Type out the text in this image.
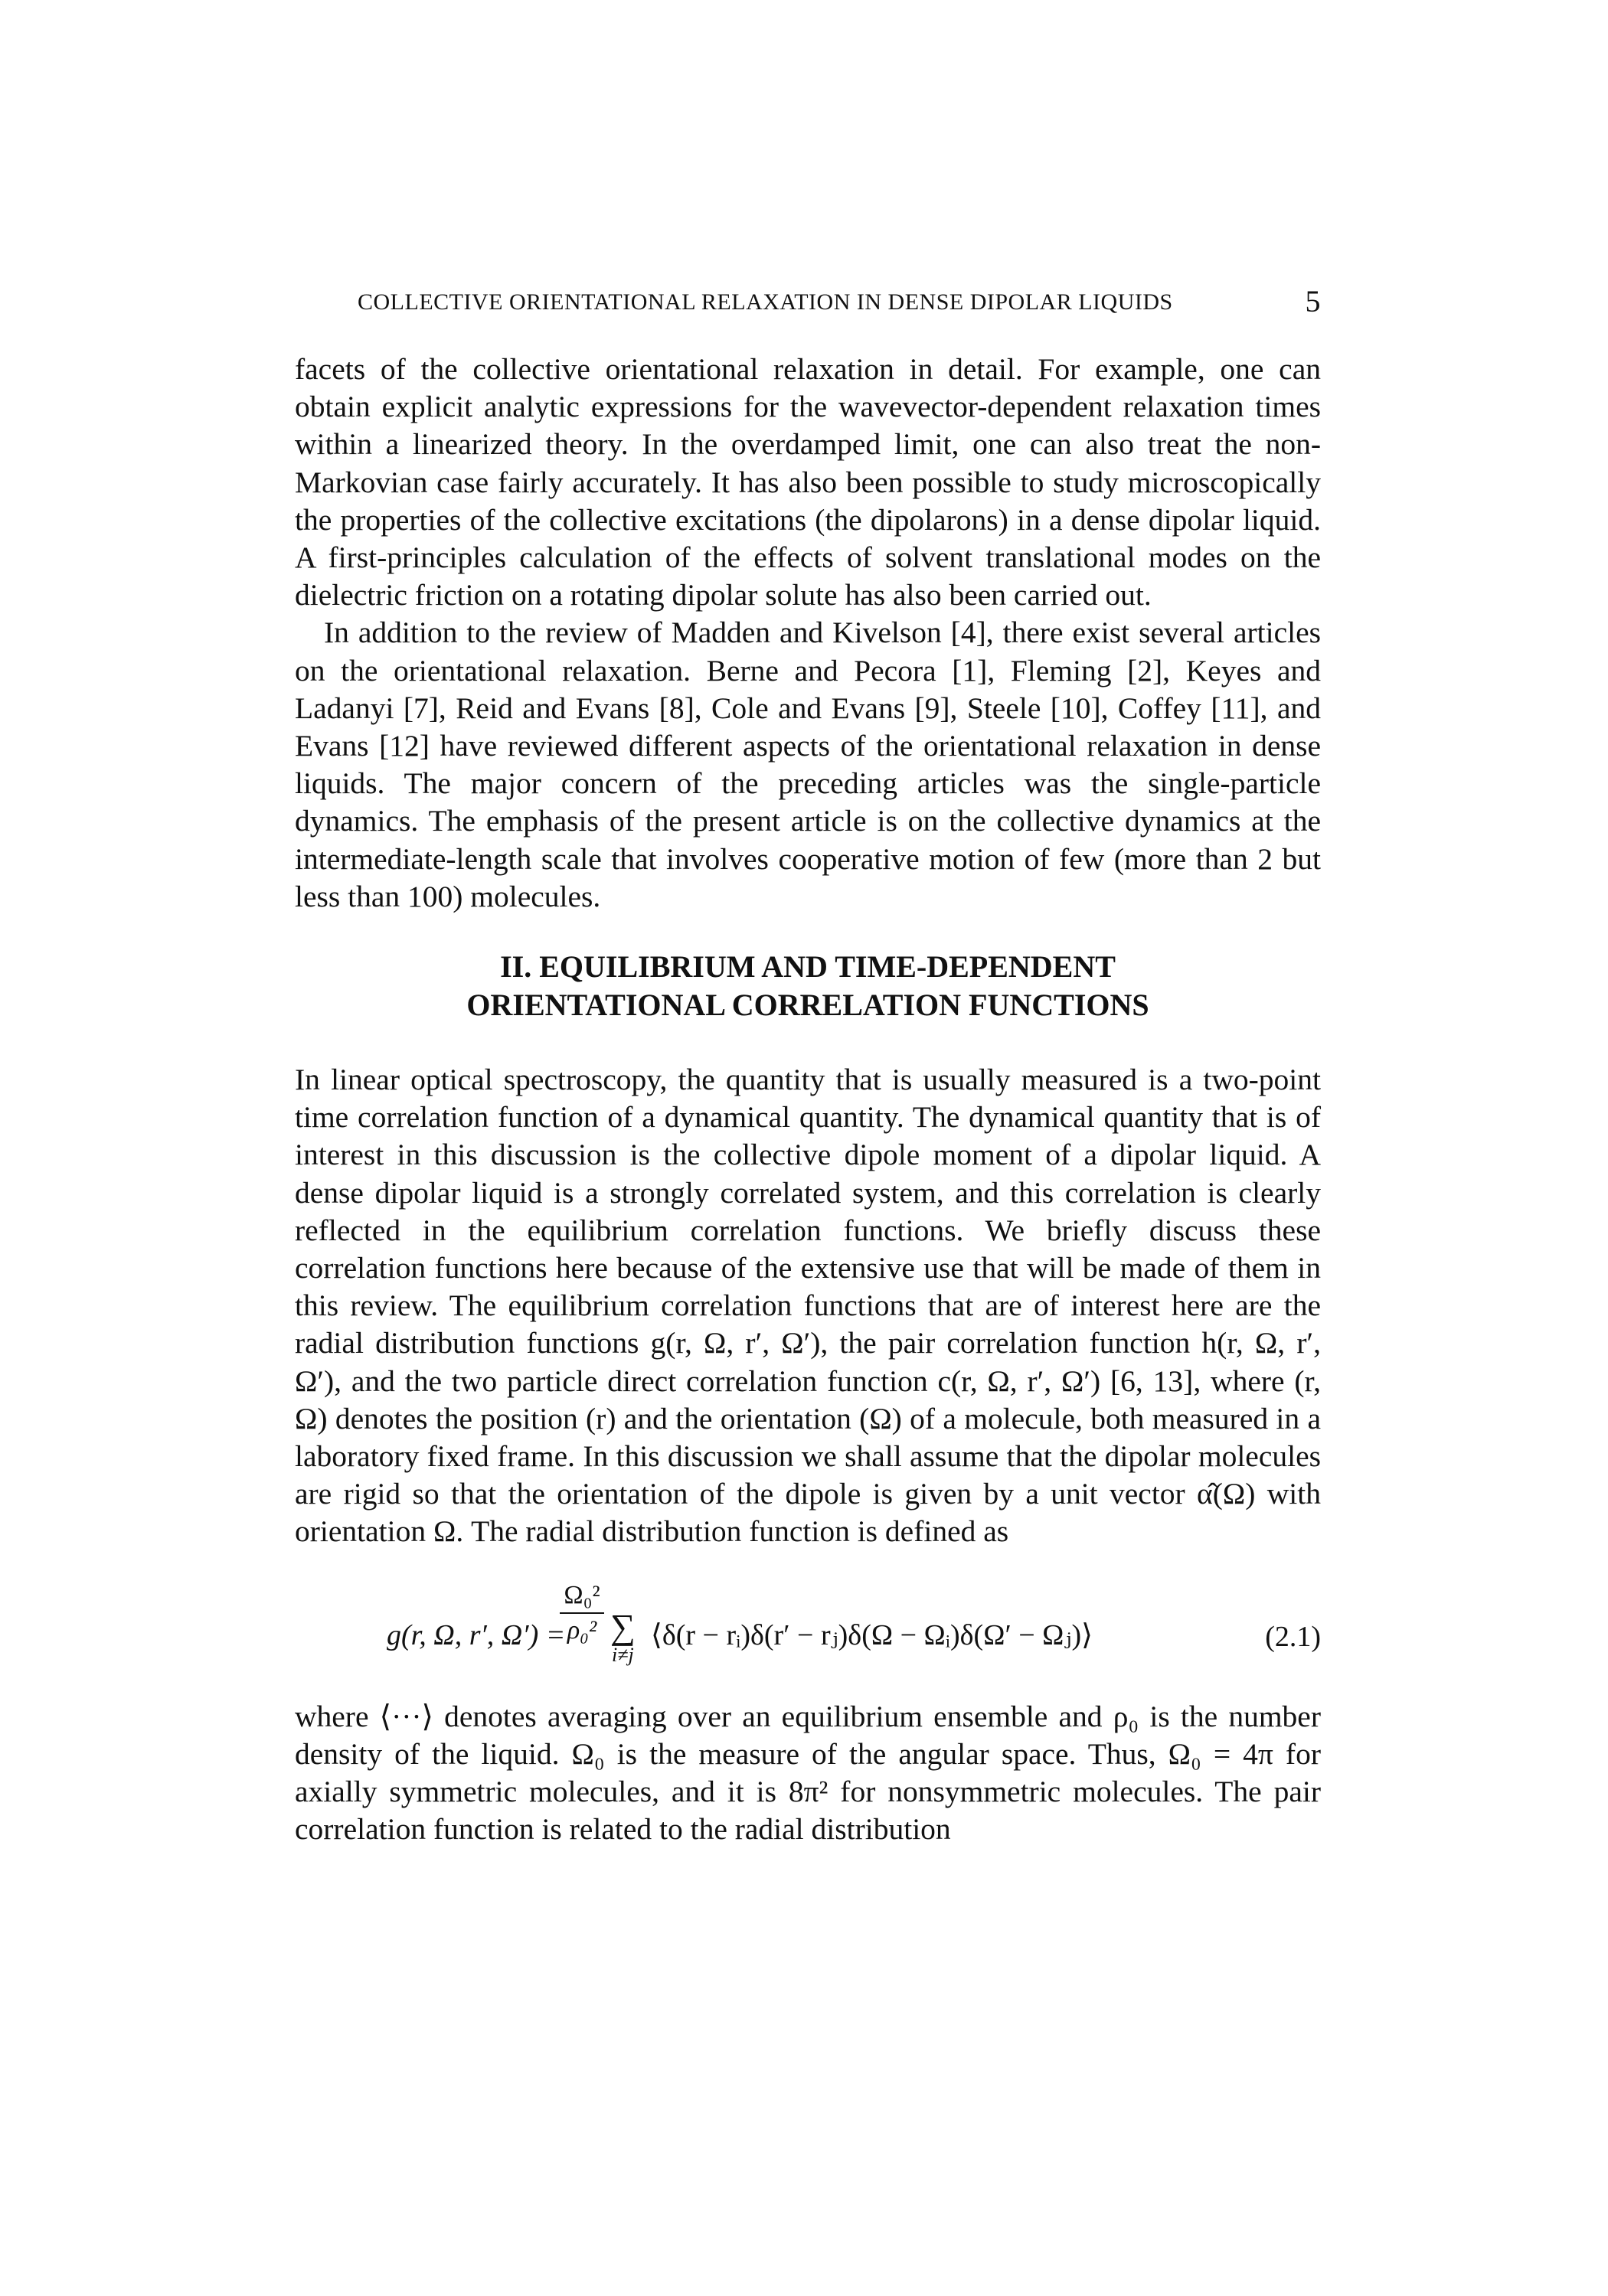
COLLECTIVE ORIENTATIONAL RELAXATION IN DENSE DIPOLAR LIQUIDS	5

facets of the collective orientational relaxation in detail. For example, one can obtain explicit analytic expressions for the wavevector-dependent relaxation times within a linearized theory. In the overdamped limit, one can also treat the non-Markovian case fairly accurately. It has also been possible to study microscopically the properties of the collective excitations (the dipolarons) in a dense dipolar liquid. A first-principles calculation of the effects of solvent translational modes on the dielectric friction on a rotating dipolar solute has also been carried out.

In addition to the review of Madden and Kivelson [4], there exist several articles on the orientational relaxation. Berne and Pecora [1], Fleming [2], Keyes and Ladanyi [7], Reid and Evans [8], Cole and Evans [9], Steele [10], Coffey [11], and Evans [12] have reviewed different aspects of the orientational relaxation in dense liquids. The major concern of the preceding articles was the single-particle dynamics. The emphasis of the present article is on the collective dynamics at the intermediate-length scale that involves cooperative motion of few (more than 2 but less than 100) molecules.

II. EQUILIBRIUM AND TIME-DEPENDENT
ORIENTATIONAL CORRELATION FUNCTIONS

In linear optical spectroscopy, the quantity that is usually measured is a two-point time correlation function of a dynamical quantity. The dynamical quantity that is of interest in this discussion is the collective dipole moment of a dipolar liquid. A dense dipolar liquid is a strongly correlated system, and this correlation is clearly reflected in the equilibrium correlation functions. We briefly discuss these correlation functions here because of the extensive use that will be made of them in this review. The equilibrium correlation functions that are of interest here are the radial distribution functions g(r, Ω, r′, Ω′), the pair correlation function h(r, Ω, r′, Ω′), and the two particle direct correlation function c(r, Ω, r′, Ω′) [6, 13], where (r, Ω) denotes the position (r) and the orientation (Ω) of a molecule, both measured in a laboratory fixed frame. In this discussion we shall assume that the dipolar molecules are rigid so that the orientation of the dipole is given by a unit vector α̂(Ω) with orientation Ω. The radial distribution function is defined as

g(r, Ω, r′, Ω′) =
Ω₀²
ρ₀² ∑
i≠j
⟨δ(r − rᵢ)δ(r′ − rⱼ)δ(Ω − Ωᵢ)δ(Ω′ − Ωⱼ)⟩	(2.1)

where ⟨···⟩ denotes averaging over an equilibrium ensemble and ρ₀ is the number density of the liquid. Ω₀ is the measure of the angular space. Thus, Ω₀ = 4π for axially symmetric molecules, and it is 8π² for nonsymmetric molecules. The pair correlation function is related to the radial distribution
